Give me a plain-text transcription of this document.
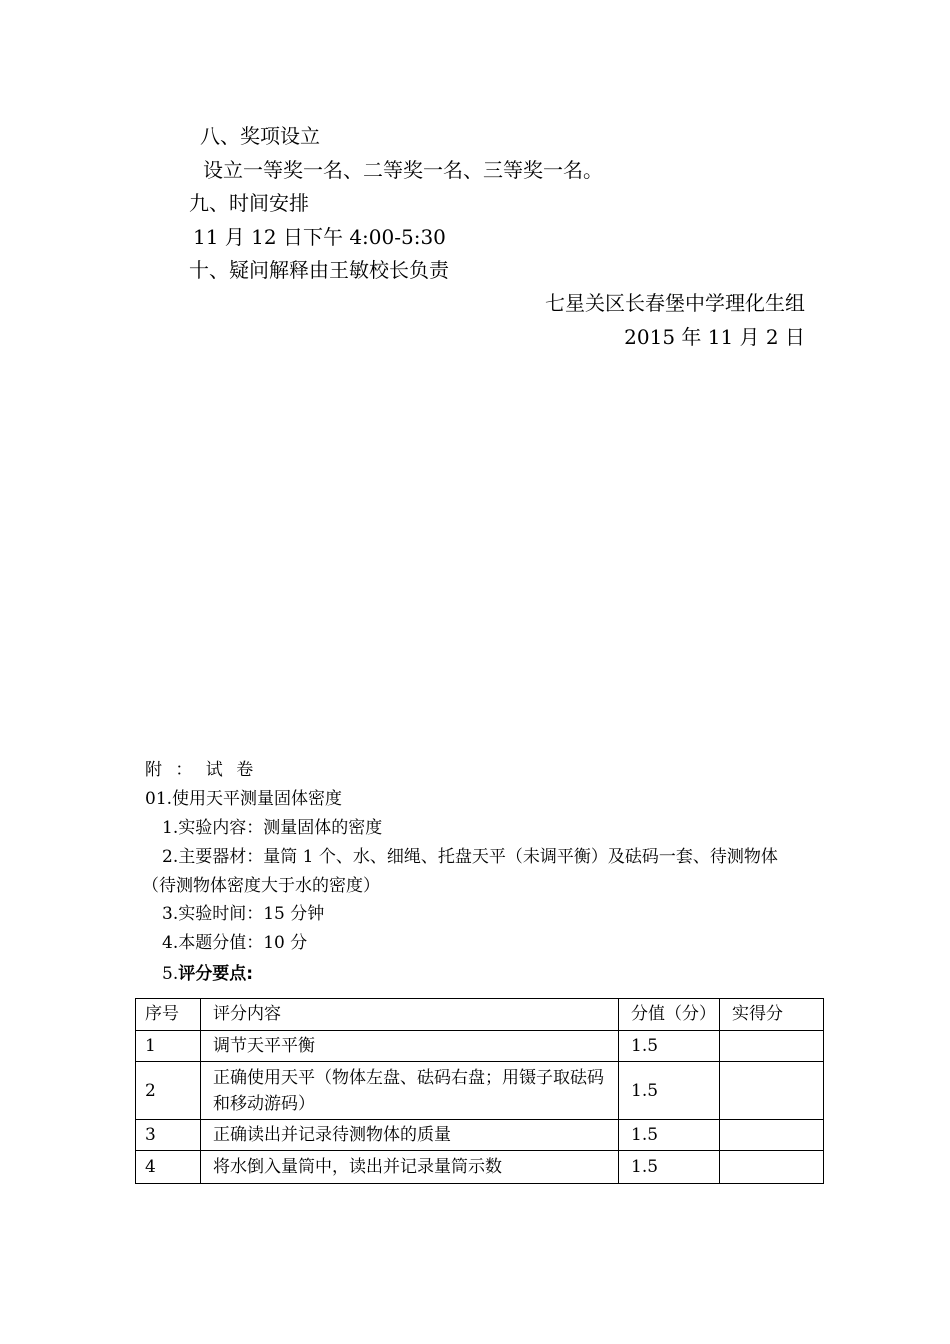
八、奖项设立
设立一等奖一名、二等奖一名、三等奖一名。
九、时间安排
11 月 12 日下午 4:00-5:30
十、疑问解释由王敏校长负责
七星关区长春堡中学理化生组
2015 年 11 月 2 日
附 ： 试 卷
01.使用天平测量固体密度
1.实验内容：测量固体的密度
2.主要器材：量筒 1 个、水、细绳、托盘天平（未调平衡）及砝码一套、待测物体
（待测物体密度大于水的密度）
3.实验时间：15 分钟
4.本题分值：10 分
5.评分要点:
序号	评分内容	分值（分）	实得分
1	调节天平平衡	1.5	
2	正确使用天平（物体左盘、砝码右盘；用镊子取砝码和移动游码）	1.5	
3	正确读出并记录待测物体的质量	1.5	
4	将水倒入量筒中，读出并记录量筒示数	1.5	
